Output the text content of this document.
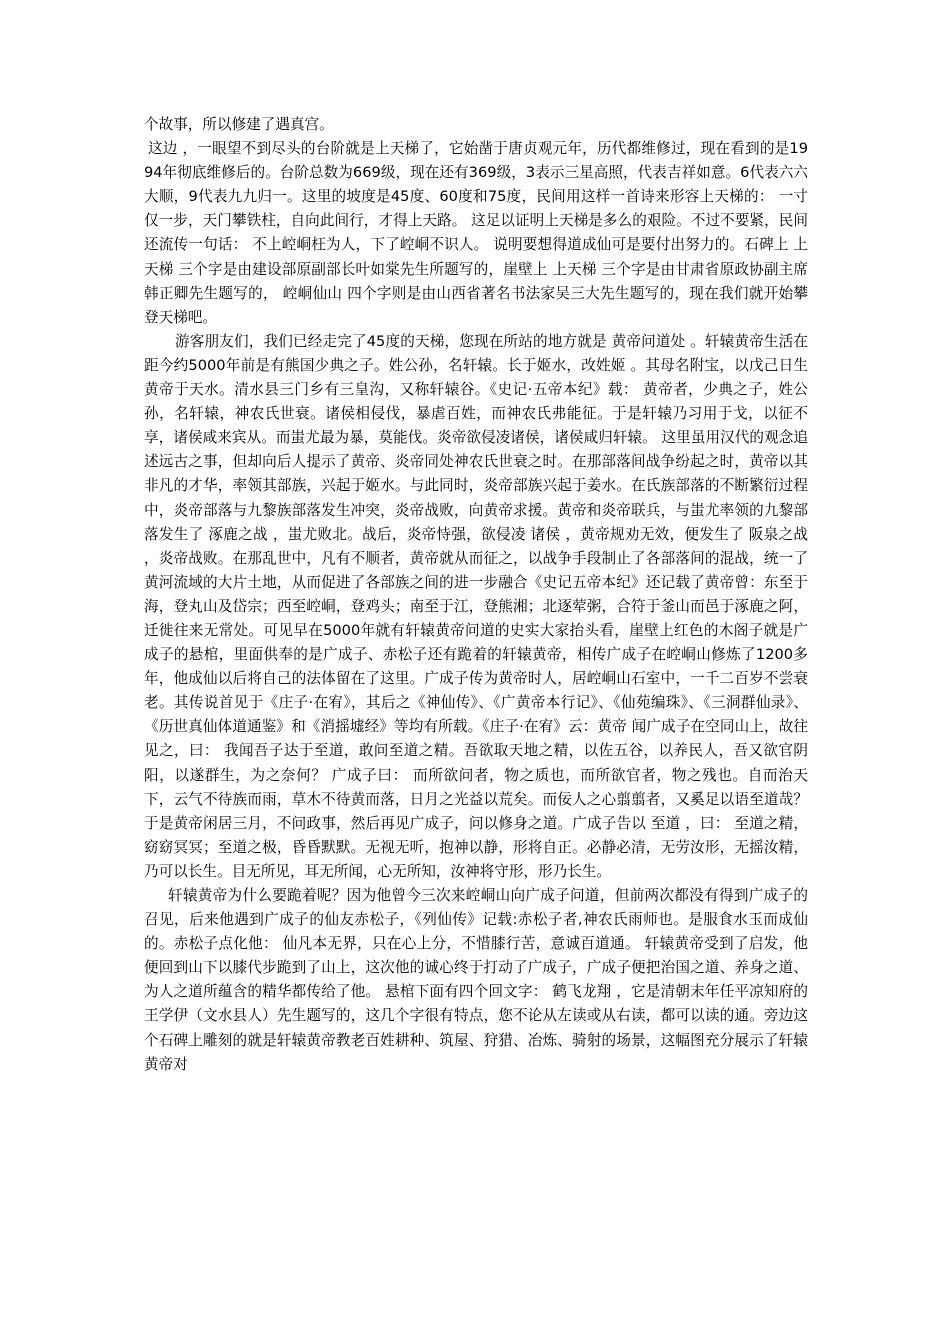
个故事，所以修建了遇真宫。

这边 ，一眼望不到尽头的台阶就是上天梯了，它始凿于唐贞观元年，历代都维修过，现在看到的是1994年彻底维修后的。台阶总数为669级，现在还有369级，3表示三星高照，代表吉祥如意。6代表六六大顺，9代表九九归一。这里的坡度是45度、60度和75度，民间用这样一首诗来形容上天梯的： 一寸仅一步，天门攀铁柱，自向此间行，才得上天路。 这足以证明上天梯是多么的艰险。不过不要紧，民间还流传一句话： 不上崆峒枉为人，下了崆峒不识人。 说明要想得道成仙可是要付出努力的。石碑上 上天梯 三个字是由建设部原副部长叶如棠先生所题写的，崖壁上 上天梯 三个字是由甘肃省原政协副主席韩正卿先生题写的， 崆峒仙山 四个字则是由山西省著名书法家吴三大先生题写的，现在我们就开始攀登天梯吧。

游客朋友们，我们已经走完了45度的天梯，您现在所站的地方就是 黄帝问道处 。轩辕黄帝生活在距今约5000年前是有熊国少典之子。姓公孙，名轩辕。长于姬水，改姓姬 。其母名附宝，以戊己日生黄帝于天水。清水县三门乡有三皇沟，又称轩辕谷。《史记·五帝本纪》载： 黄帝者，少典之子，姓公孙，名轩辕，神农氏世衰。诸侯相侵伐，暴虐百姓，而神农氏弗能征。于是轩辕乃习用于戈，以征不享，诸侯咸来宾从。而蚩尤最为暴，莫能伐。炎帝欲侵凌诸侯，诸侯咸归轩辕。 这里虽用汉代的观念追述远古之事，但却向后人提示了黄帝、炎帝同处神农氏世衰之时。在那部落间战争纷起之时，黄帝以其非凡的才华，率领其部族，兴起于姬水。与此同时，炎帝部族兴起于姜水。在氏族部落的不断繁衍过程中，炎帝部落与九黎族部落发生冲突，炎帝战败，向黄帝求援。黄帝和炎帝联兵，与蚩尤率领的九黎部落发生了 涿鹿之战 ，蚩尤败北。战后，炎帝恃强，欲侵凌 诸侯 ，黄帝规劝无效，便发生了 阪泉之战 ，炎帝战败。在那乱世中，凡有不顺者，黄帝就从而征之，以战争手段制止了各部落间的混战，统一了黄河流域的大片土地，从而促进了各部族之间的进一步融合《史记五帝本纪》还记载了黄帝曾：东至于海，登丸山及岱宗；西至崆峒，登鸡头；南至于江，登熊湘；北逐荤粥，合符于釜山而邑于涿鹿之阿，迁徙往来无常处。可见早在5000年就有轩辕黄帝问道的史实大家抬头看，崖壁上红色的木阁子就是广成子的悬棺，里面供奉的是广成子、赤松子还有跪着的轩辕黄帝，相传广成子在崆峒山修炼了1200多年，他成仙以后将自己的法体留在了这里。广成子传为黄帝时人，居崆峒山石室中，一千二百岁不尝衰老。其传说首见于《庄子·在宥》，其后之《神仙传》、《广黄帝本行记》、《仙苑编珠》、《三洞群仙录》、《历世真仙体道通鉴》和《消摇墟经》等均有所载。《庄子·在宥》云：黄帝 闻广成子在空同山上，故往见之，曰： 我闻吾子达于至道，敢问至道之精。吾欲取天地之精，以佐五谷，以养民人，吾又欲官阴阳，以遂群生，为之奈何？ 广成子曰： 而所欲问者，物之质也，而所欲官者，物之残也。自而治天下，云气不待族而雨，草木不待黄而落，日月之光益以荒矣。而佞人之心翦翦者，又奚足以语至道哉？ 于是黄帝闲居三月，不问政事，然后再见广成子，问以修身之道。广成子告以 至道 ，曰： 至道之精，窈窈冥冥；至道之极，昏昏默默。无视无听，抱神以静，形将自正。必静必清，无劳汝形，无摇汝精，乃可以长生。目无所见，耳无所闻，心无所知，汝神将守形，形乃长生。

轩辕黄帝为什么要跪着呢？因为他曾今三次来崆峒山向广成子问道，但前两次都没有得到广成子的召见，后来他遇到广成子的仙友赤松子，《列仙传》记载:赤松子者,神农氏雨师也。是服食水玉而成仙的。赤松子点化他： 仙凡本无界，只在心上分，不惜膝行苦，意诚百道通。 轩辕黄帝受到了启发，他便回到山下以膝代步跪到了山上，这次他的诚心终于打动了广成子，广成子便把治国之道、养身之道、为人之道所蕴含的精华都传给了他。 悬棺下面有四个回文字： 鹤飞龙翔 ，它是清朝末年任平凉知府的王学伊（文水县人）先生题写的，这几个字很有特点，您不论从左读或从右读，都可以读的通。旁边这个石碑上雕刻的就是轩辕黄帝教老百姓耕种、筑屋、狩猎、冶炼、骑射的场景，这幅图充分展示了轩辕黄帝对
